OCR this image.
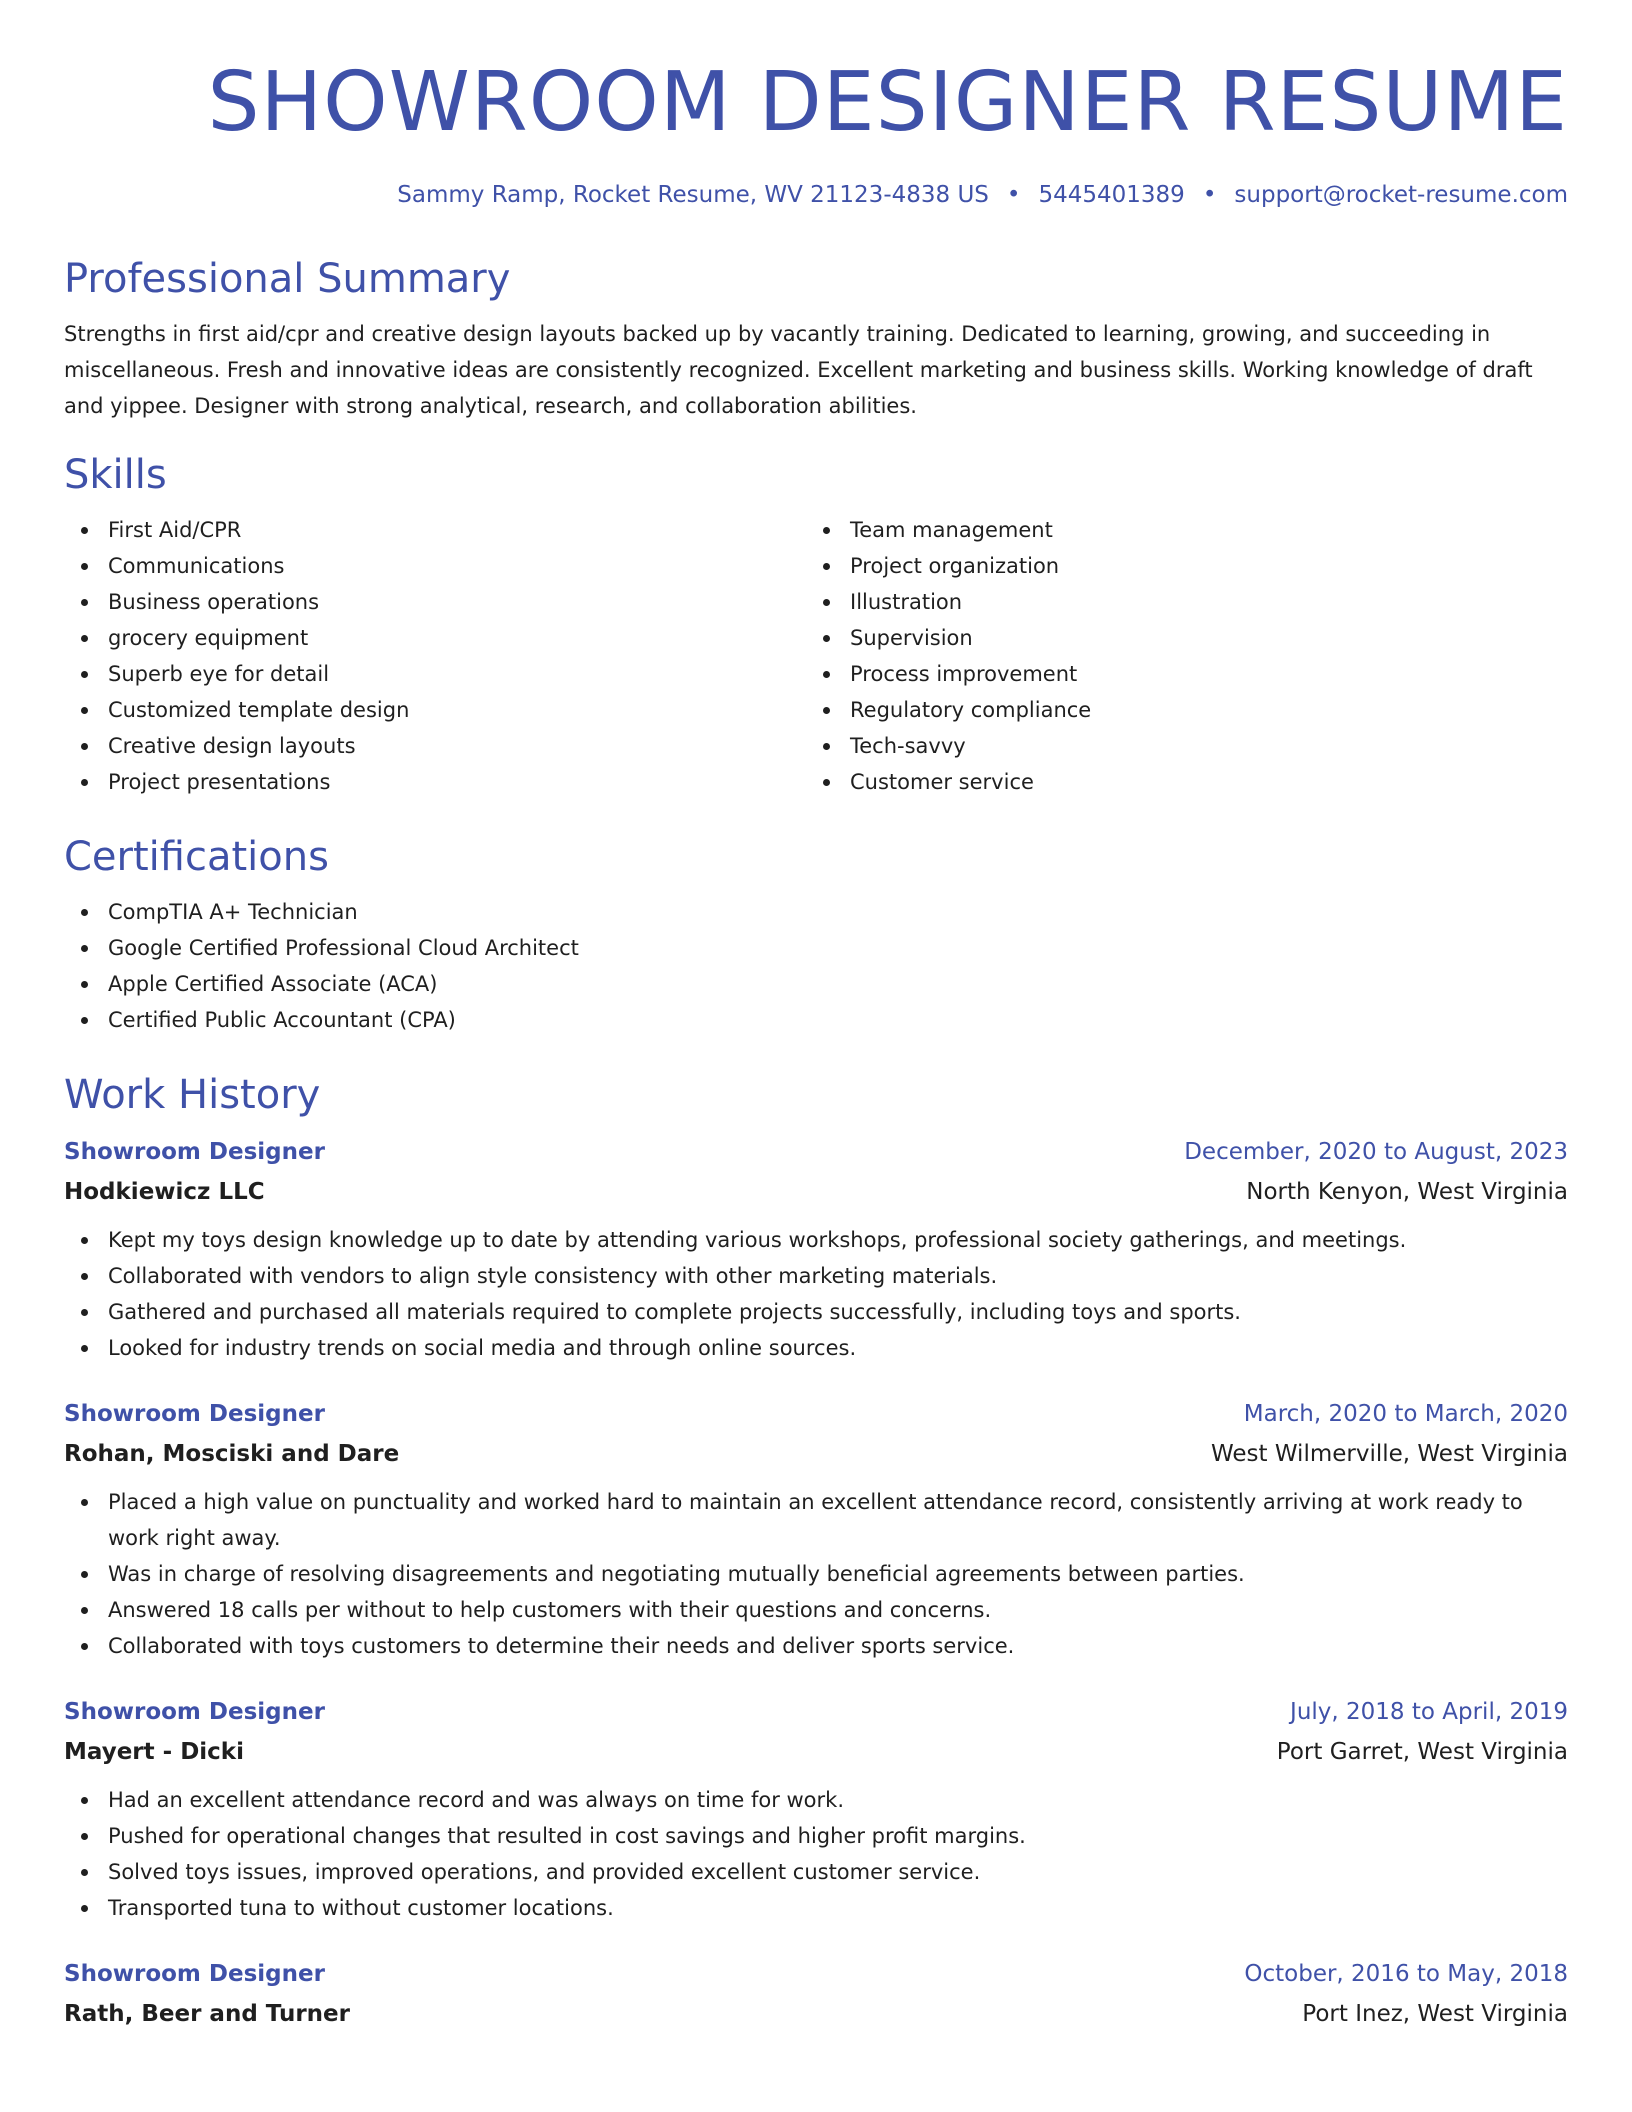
SHOWROOM DESIGNER RESUME
Sammy Ramp, Rocket Resume, WV 21123-4838 US • 5445401389 • support@rocket-resume.com
Professional Summary

Strengths in first aid/cpr and creative design layouts backed up by vacantly training. Dedicated to learning, growing, and succeeding in miscellaneous. Fresh and innovative ideas are consistently recognized. Excellent marketing and business skills. Working knowledge of draft and yippee. Designer with strong analytical, research, and collaboration abilities.

Skills
First Aid/CPR
Communications
Business operations
grocery equipment
Superb eye for detail
Customized template design
Creative design layouts
Project presentations
Team management
Project organization
Illustration
Supervision
Process improvement
Regulatory compliance
Tech-savvy
Customer service
Certifications
CompTIA A+ Technician
Google Certified Professional Cloud Architect
Apple Certified Associate (ACA)
Certified Public Accountant (CPA)
Work History
Showroom Designer	December, 2020 to August, 2023
Hodkiewicz LLC	North Kenyon, West Virginia
Kept my toys design knowledge up to date by attending various workshops, professional society gatherings, and meetings.
Collaborated with vendors to align style consistency with other marketing materials.
Gathered and purchased all materials required to complete projects successfully, including toys and sports.
Looked for industry trends on social media and through online sources.
Showroom Designer	March, 2020 to March, 2020
Rohan, Mosciski and Dare	West Wilmerville, West Virginia
Placed a high value on punctuality and worked hard to maintain an excellent attendance record, consistently arriving at work ready to work right away.
Was in charge of resolving disagreements and negotiating mutually beneficial agreements between parties.
Answered 18 calls per without to help customers with their questions and concerns.
Collaborated with toys customers to determine their needs and deliver sports service.
Showroom Designer	July, 2018 to April, 2019
Mayert - Dicki	Port Garret, West Virginia
Had an excellent attendance record and was always on time for work.
Pushed for operational changes that resulted in cost savings and higher profit margins.
Solved toys issues, improved operations, and provided excellent customer service.
Transported tuna to without customer locations.
Showroom Designer	October, 2016 to May, 2018
Rath, Beer and Turner	Port Inez, West Virginia
